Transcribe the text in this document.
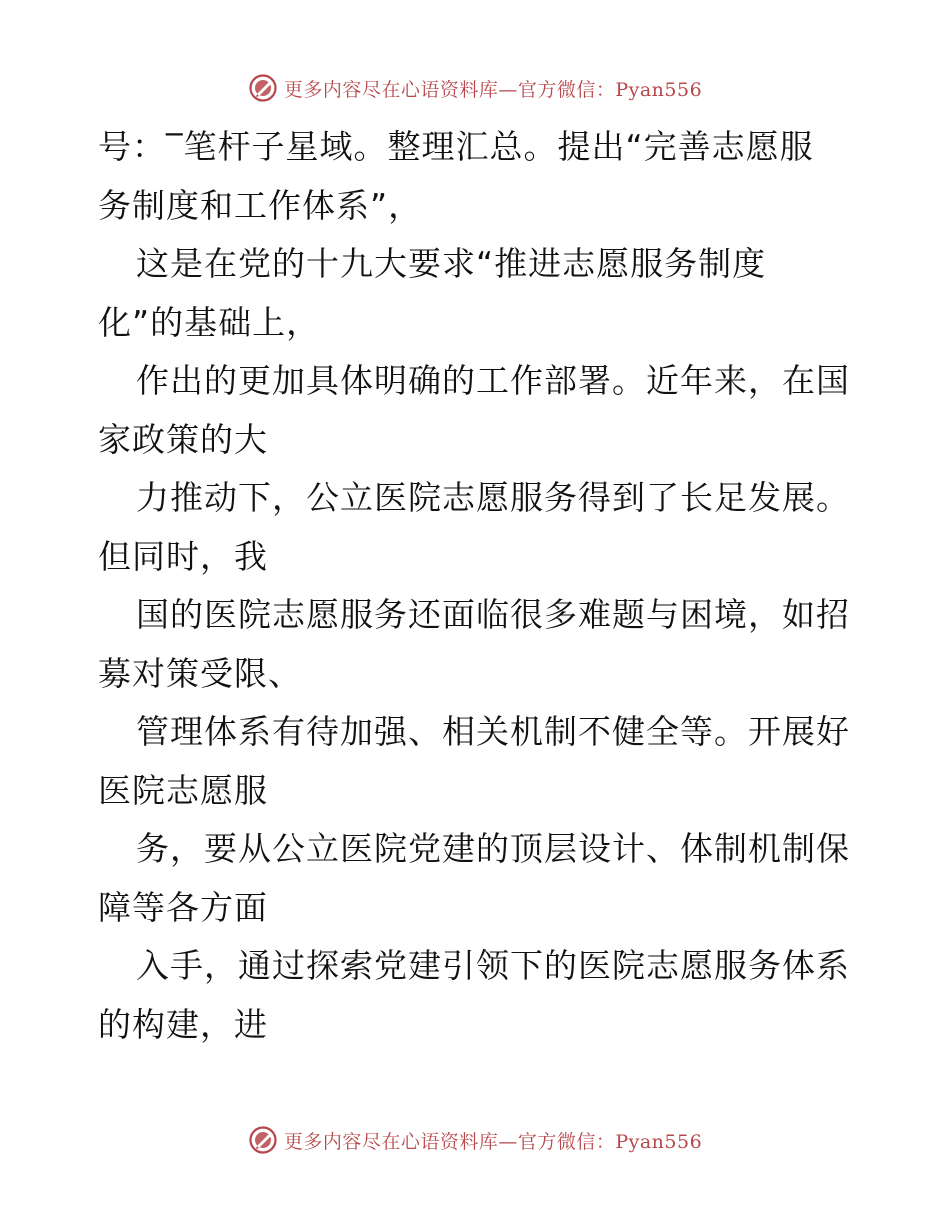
更多内容尽在心语资料库—官方微信：Pyan556
号：‾笔杆子星域。整理汇总。提出“完善志愿服
务制度和工作体系”，
这是在党的十九大要求“推进志愿服务制度
化”的基础上，
作出的更加具体明确的工作部署。近年来，在国
家政策的大
力推动下，公立医院志愿服务得到了长足发展。
但同时，我
国的医院志愿服务还面临很多难题与困境，如招
募对策受限、
管理体系有待加强、相关机制不健全等。开展好
医院志愿服
务，要从公立医院党建的顶层设计、体制机制保
障等各方面
入手，通过探索党建引领下的医院志愿服务体系
的构建，进
更多内容尽在心语资料库—官方微信：Pyan556
